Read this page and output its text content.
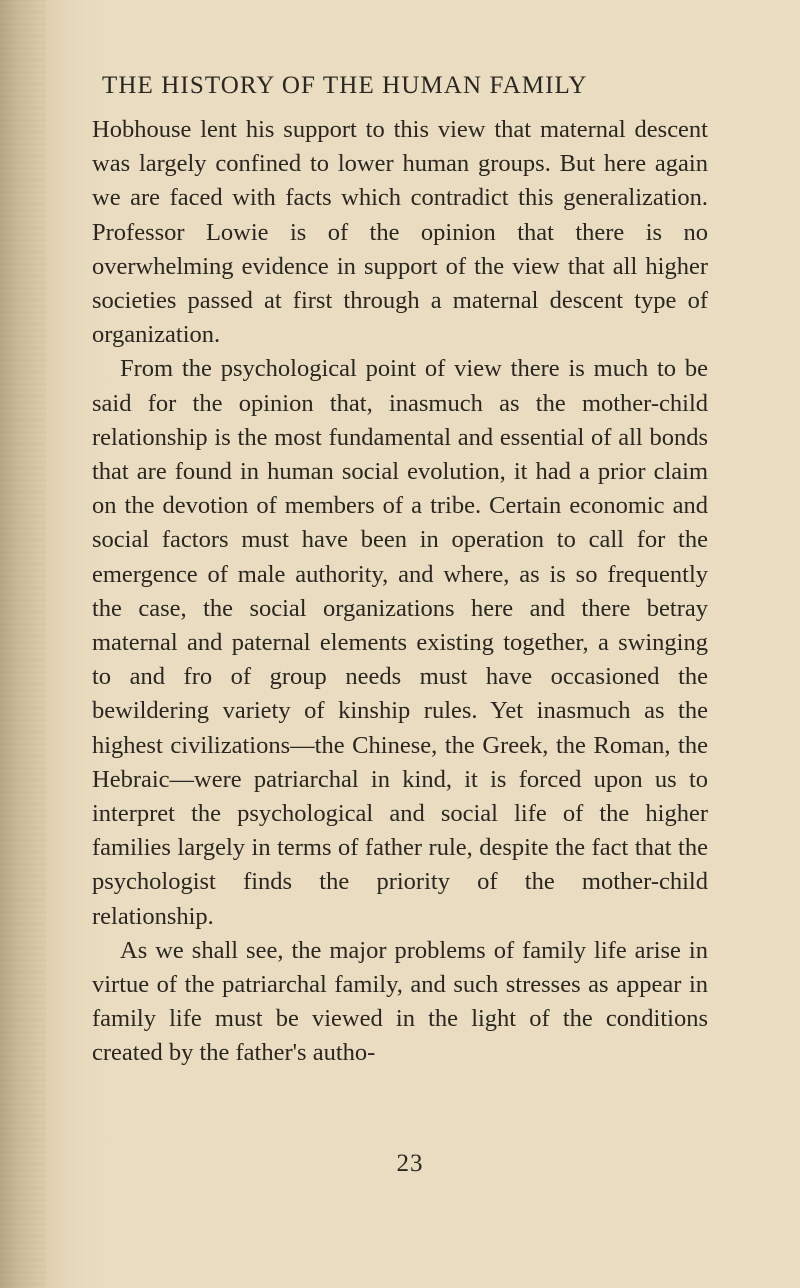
THE HISTORY OF THE HUMAN FAMILY

Hobhouse lent his support to this view that maternal descent was largely confined to lower human groups. But here again we are faced with facts which contradict this generalization. Professor Lowie is of the opinion that there is no overwhelming evidence in support of the view that all higher societies passed at first through a maternal descent type of organization.

From the psychological point of view there is much to be said for the opinion that, inasmuch as the mother-child relationship is the most fundamental and essential of all bonds that are found in human social evolution, it had a prior claim on the devotion of members of a tribe. Certain economic and social factors must have been in operation to call for the emergence of male authority, and where, as is so frequently the case, the social organizations here and there betray maternal and paternal elements existing together, a swinging to and fro of group needs must have occasioned the bewildering variety of kinship rules. Yet inasmuch as the highest civilizations—the Chinese, the Greek, the Roman, the Hebraic—were patriarchal in kind, it is forced upon us to interpret the psychological and social life of the higher families largely in terms of father rule, despite the fact that the psychologist finds the priority of the mother-child relationship.

As we shall see, the major problems of family life arise in virtue of the patriarchal family, and such stresses as appear in family life must be viewed in the light of the conditions created by the father's autho-

23
